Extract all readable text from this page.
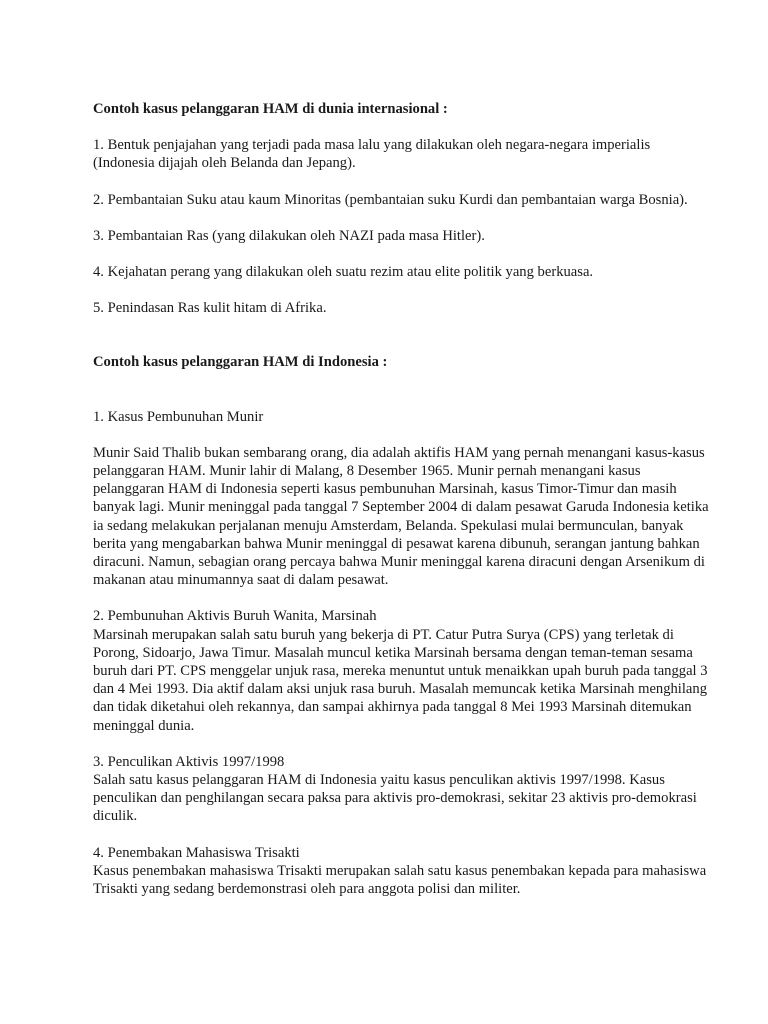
Contoh kasus pelanggaran HAM di dunia internasional :

1. Bentuk penjajahan yang terjadi pada masa lalu yang dilakukan oleh negara-negara imperialis (Indonesia dijajah oleh Belanda dan Jepang).

2. Pembantaian Suku atau kaum Minoritas (pembantaian suku Kurdi dan pembantaian warga Bosnia).

3. Pembantaian Ras (yang dilakukan oleh NAZI pada masa Hitler).

4. Kejahatan perang yang dilakukan oleh suatu rezim atau elite politik yang berkuasa.

5. Penindasan Ras kulit hitam di Afrika.

Contoh kasus pelanggaran HAM di Indonesia :

1. Kasus Pembunuhan Munir

Munir Said Thalib bukan sembarang orang, dia adalah aktifis HAM yang pernah menangani kasus-kasus pelanggaran HAM. Munir lahir di Malang, 8 Desember 1965. Munir pernah menangani kasus pelanggaran HAM di Indonesia seperti kasus pembunuhan Marsinah, kasus Timor-Timur dan masih banyak lagi. Munir meninggal pada tanggal 7 September 2004 di dalam pesawat Garuda Indonesia ketika ia sedang melakukan perjalanan menuju Amsterdam, Belanda. Spekulasi mulai bermunculan, banyak berita yang mengabarkan bahwa Munir meninggal di pesawat karena dibunuh, serangan jantung bahkan diracuni. Namun, sebagian orang percaya bahwa Munir meninggal karena diracuni dengan Arsenikum di makanan atau minumannya saat di dalam pesawat.

2. Pembunuhan Aktivis Buruh Wanita, Marsinah

Marsinah merupakan salah satu buruh yang bekerja di PT. Catur Putra Surya (CPS) yang terletak di Porong, Sidoarjo, Jawa Timur. Masalah muncul ketika Marsinah bersama dengan teman-teman sesama buruh dari PT. CPS menggelar unjuk rasa, mereka menuntut untuk menaikkan upah buruh pada tanggal 3 dan 4 Mei 1993. Dia aktif dalam aksi unjuk rasa buruh. Masalah memuncak ketika Marsinah menghilang dan tidak diketahui oleh rekannya, dan sampai akhirnya pada tanggal 8 Mei 1993 Marsinah ditemukan meninggal dunia.

3. Penculikan Aktivis 1997/1998

Salah satu kasus pelanggaran HAM di Indonesia yaitu kasus penculikan aktivis 1997/1998. Kasus penculikan dan penghilangan secara paksa para aktivis pro-demokrasi, sekitar 23 aktivis pro-demokrasi diculik.

4. Penembakan Mahasiswa Trisakti

Kasus penembakan mahasiswa Trisakti merupakan salah satu kasus penembakan kepada para mahasiswa Trisakti yang sedang berdemonstrasi oleh para anggota polisi dan militer.
